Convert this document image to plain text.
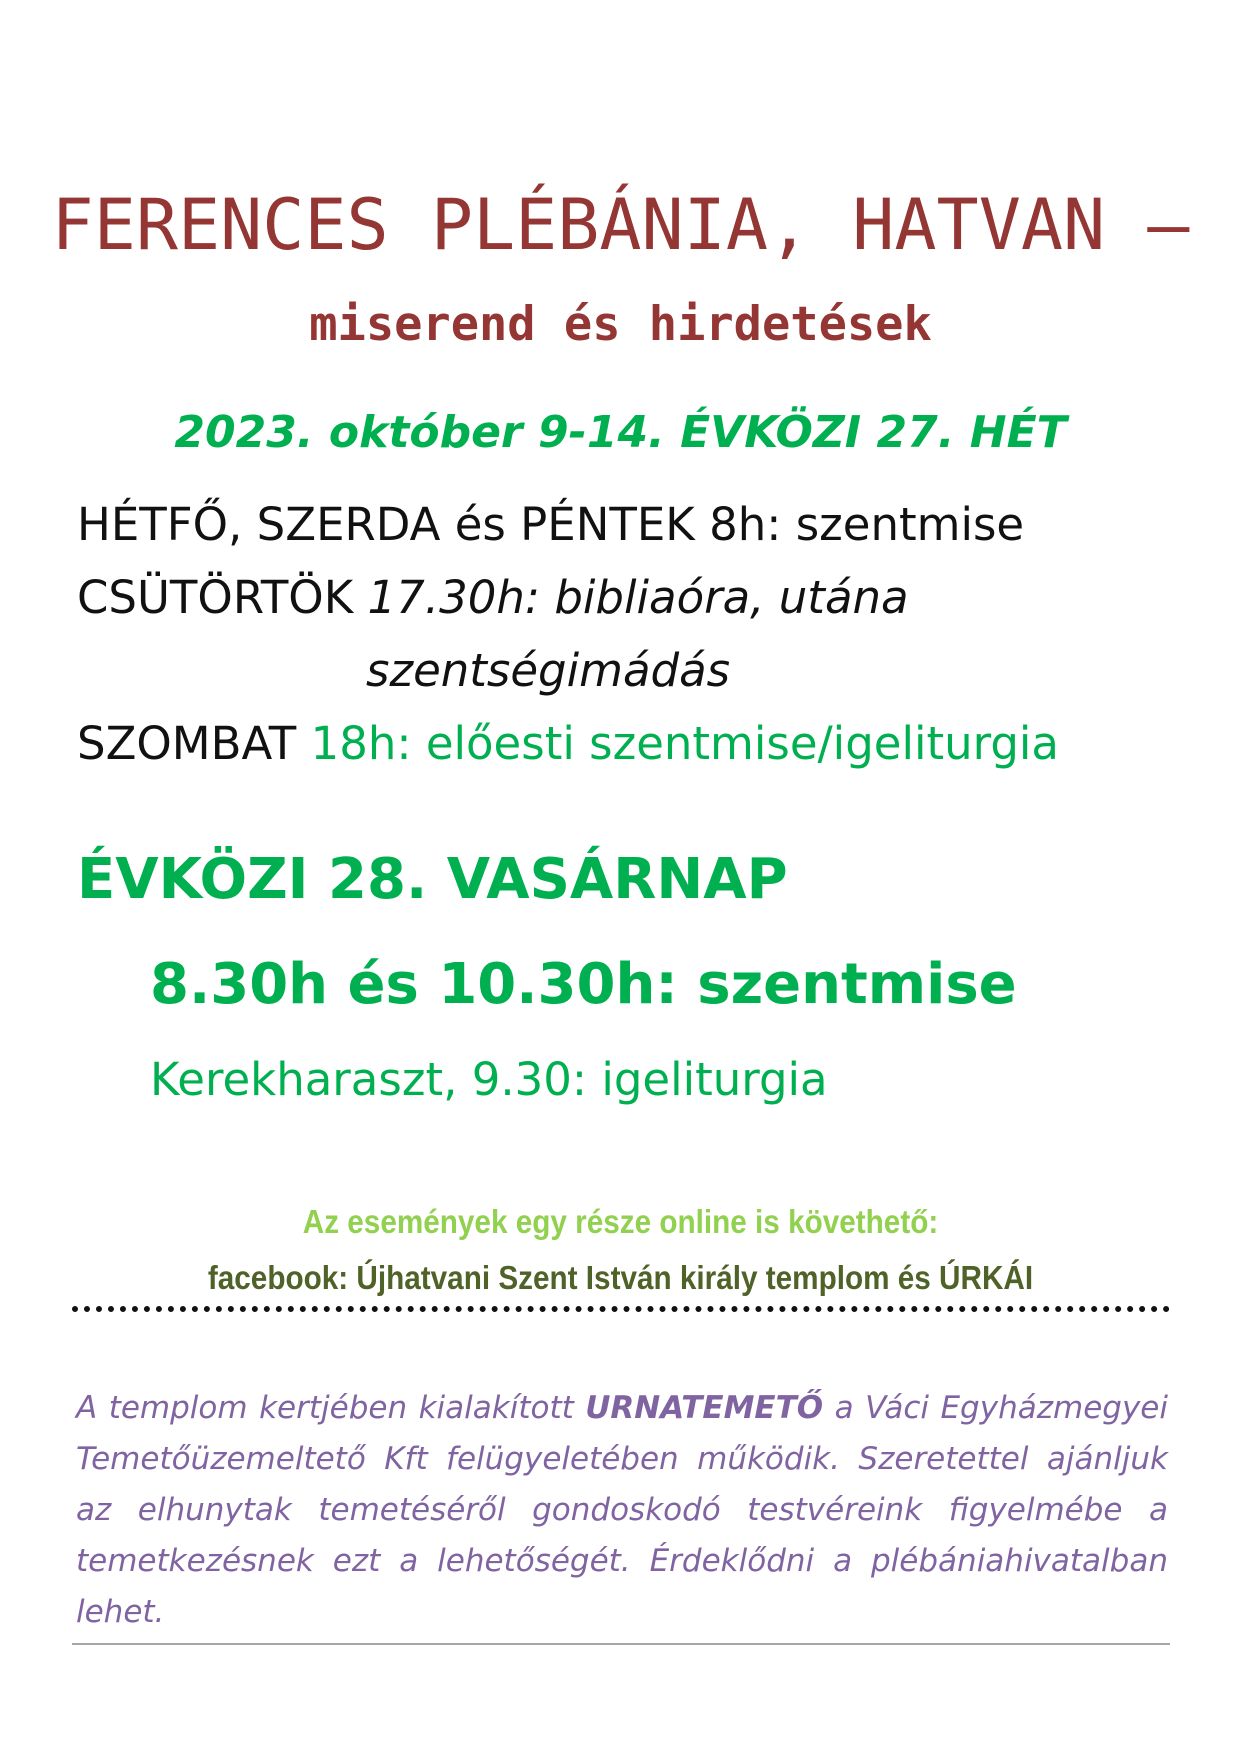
FERENCES PLÉBÁNIA, HATVAN –
miserend és hirdetések
2023. október 9-14. ÉVKÖZI 27. HÉT
HÉTFŐ, SZERDA és PÉNTEK 8h: szentmise
CSÜTÖRTÖK 17.30h: bibliaóra, utána
szentségimádás
SZOMBAT 18h: előesti szentmise/igeliturgia
ÉVKÖZI 28. VASÁRNAP
8.30h és 10.30h: szentmise
Kerekharaszt, 9.30: igeliturgia
Az események egy része online is követhető:
facebook: Újhatvani Szent István király templom és ÚRKÁI
A templom kertjében kialakított URNATEMETŐ a Váci Egyházmegyei Temetőüzemeltető Kft felügyeletében működik. Szeretettel ajánljuk az elhunytak temetéséről gondoskodó testvéreink figyelmébe a temetkezésnek ezt a lehetőségét. Érdeklődni a plébániahivatalban lehet.
